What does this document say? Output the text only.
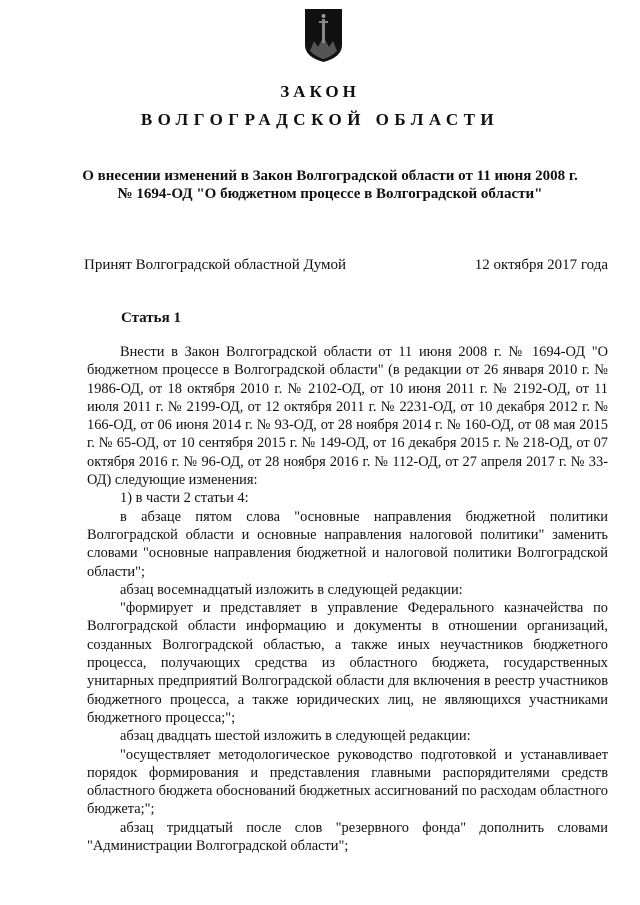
ЗАКОН
ВОЛГОГРАДСКОЙ ОБЛАСТИ
О внесении изменений в Закон Волгоградской области от 11 июня 2008 г.
№ 1694-ОД "О бюджетном процессе в Волгоградской области"
Принят Волгоградской областной Думой	12 октября 2017 года
Статья 1

Внести в Закон Волгоградской области от 11 июня 2008 г. № 1694-ОД "О бюджетном процессе в Волгоградской области" (в редакции от 26 января 2010 г. № 1986-ОД, от 18 октября 2010 г. № 2102-ОД, от 10 июня 2011 г. № 2192-ОД, от 11 июля 2011 г. № 2199-ОД, от 12 октября 2011 г. № 2231-ОД, от 10 декабря 2012 г. № 166-ОД, от 06 июня 2014 г. № 93-ОД, от 28 ноября 2014 г. № 160-ОД, от 08 мая 2015 г. № 65-ОД, от 10 сентября 2015 г. № 149-ОД, от 16 декабря 2015 г. № 218-ОД, от 07 октября 2016 г. № 96-ОД, от 28 ноября 2016 г. № 112-ОД, от 27 апреля 2017 г. № 33-ОД) следующие изменения:

1) в части 2 статьи 4:

в абзаце пятом слова "основные направления бюджетной политики Волгоградской области и основные направления налоговой политики" заменить словами "основные направления бюджетной и налоговой политики Волгоградской области";

абзац восемнадцатый изложить в следующей редакции:

"формирует и представляет в управление Федерального казначейства по Волгоградской области информацию и документы в отношении организаций, созданных Волгоградской областью, а также иных неучастников бюджетного процесса, получающих средства из областного бюджета, государственных унитарных предприятий Волгоградской области для включения в реестр участников бюджетного процесса, а также юридических лиц, не являющихся участниками бюджетного процесса;";

абзац двадцать шестой изложить в следующей редакции:

"осуществляет методологическое руководство подготовкой и устанавливает порядок формирования и представления главными распорядителями средств областного бюджета обоснований бюджетных ассигнований по расходам областного бюджета;";

абзац тридцатый после слов "резервного фонда" дополнить словами "Администрации Волгоградской области";
